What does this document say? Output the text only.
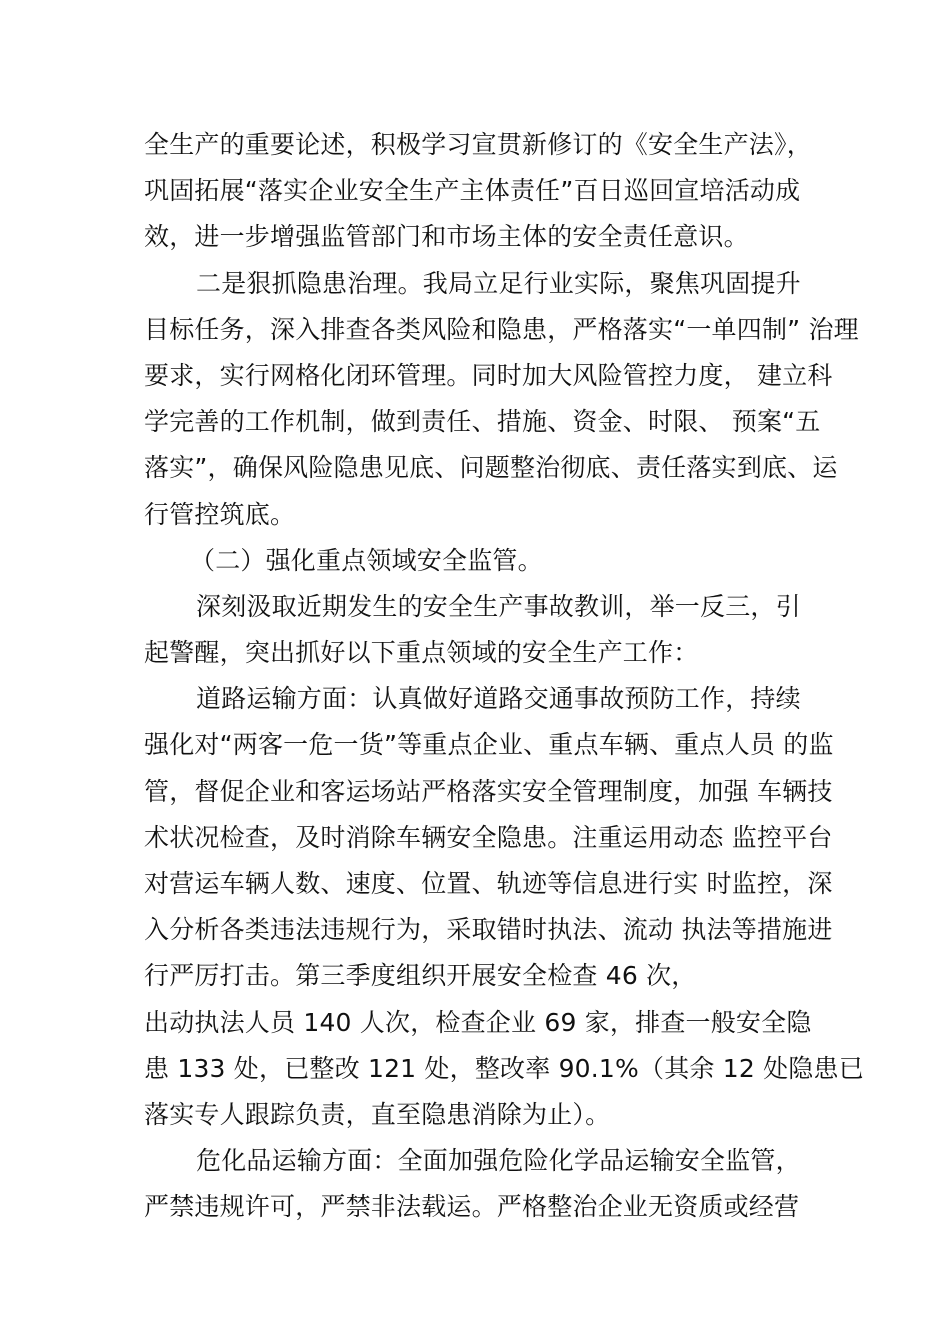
全生产的重要论述，积极学习宣贯新修订的《安全生产法》，
巩固拓展“落实企业安全生产主体责任”百日巡回宣培活动成
效，进一步增强监管部门和市场主体的安全责任意识。
二是狠抓隐患治理。我局立足行业实际，聚焦巩固提升
目标任务，深入排查各类风险和隐患，严格落实“一单四制” 治理
要求，实行网格化闭环管理。同时加大风险管控力度， 建立科
学完善的工作机制，做到责任、措施、资金、时限、 预案“五
落实”，确保风险隐患见底、问题整治彻底、责任落实到底、运
行管控筑底。
（二）强化重点领域安全监管。
深刻汲取近期发生的安全生产事故教训，举一反三，引
起警醒，突出抓好以下重点领域的安全生产工作：
道路运输方面：认真做好道路交通事故预防工作，持续
强化对“两客一危一货”等重点企业、重点车辆、重点人员 的监
管，督促企业和客运场站严格落实安全管理制度，加强 车辆技
术状况检查，及时消除车辆安全隐患。注重运用动态 监控平台
对营运车辆人数、速度、位置、轨迹等信息进行实 时监控，深
入分析各类违法违规行为，采取错时执法、流动 执法等措施进
行严厉打击。第三季度组织开展安全检查 46 次，
出动执法人员 140 人次，检查企业 69 家，排查一般安全隐
患 133 处，已整改 121 处，整改率 90.1%（其余 12 处隐患已
落实专人跟踪负责，直至隐患消除为止）。
危化品运输方面：全面加强危险化学品运输安全监管，
严禁违规许可，严禁非法载运。严格整治企业无资质或经营
